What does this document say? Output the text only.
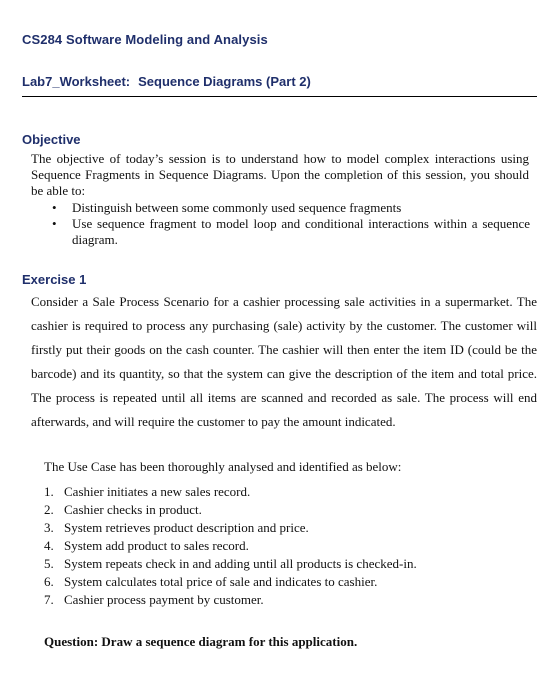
CS284 Software Modeling and Analysis
Lab7_Worksheet: Sequence Diagrams (Part 2)
Objective
The objective of today’s session is to understand how to model complex interactions using Sequence Fragments in Sequence Diagrams. Upon the completion of this session, you should be able to:
• Distinguish between some commonly used sequence fragments
• Use sequence fragment to model loop and conditional interactions within a sequence diagram.
Exercise 1
Consider a Sale Process Scenario for a cashier processing sale activities in a supermarket. The cashier is required to process any purchasing (sale) activity by the customer. The customer will firstly put their goods on the cash counter. The cashier will then enter the item ID (could be the barcode) and its quantity, so that the system can give the description of the item and total price. The process is repeated until all items are scanned and recorded as sale. The process will end afterwards, and will require the customer to pay the amount indicated.
The Use Case has been thoroughly analysed and identified as below:
1. Cashier initiates a new sales record.
2. Cashier checks in product.
3. System retrieves product description and price.
4. System add product to sales record.
5. System repeats check in and adding until all products is checked-in.
6. System calculates total price of sale and indicates to cashier.
7. Cashier process payment by customer.
Question: Draw a sequence diagram for this application.
